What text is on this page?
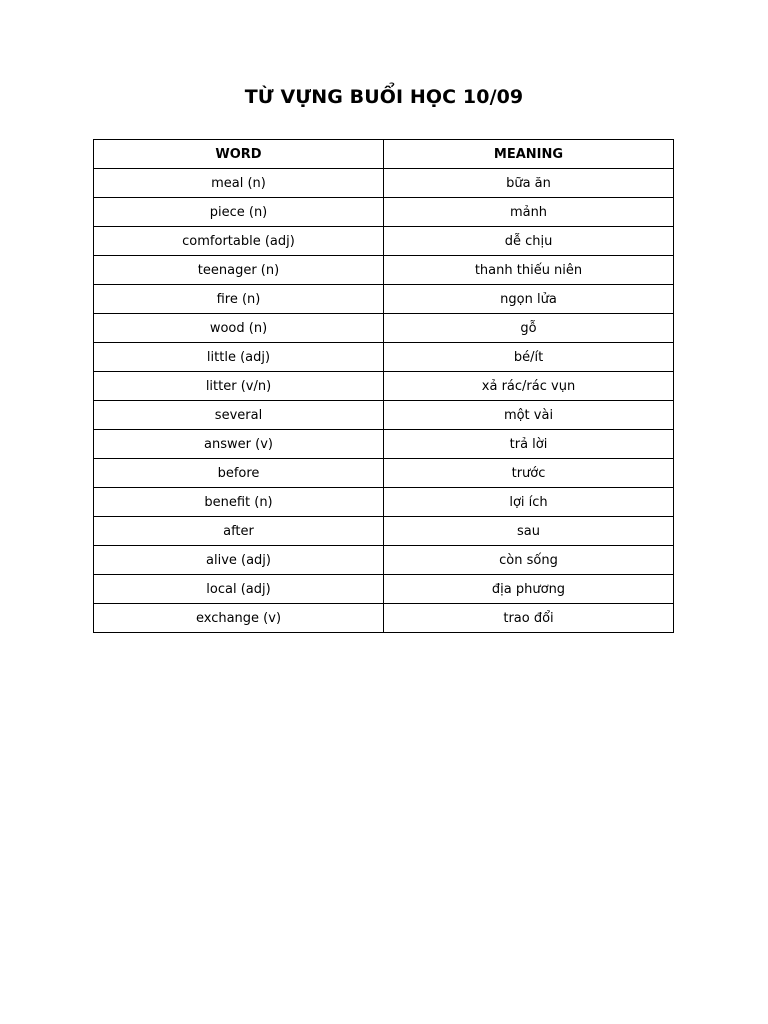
TỪ VỰNG BUỔI HỌC 10/09
WORD	MEANING
meal (n)	bữa ăn
piece (n)	mảnh
comfortable (adj)	dễ chịu
teenager (n)	thanh thiếu niên
fire (n)	ngọn lửa
wood (n)	gỗ
little (adj)	bé/ít
litter (v/n)	xả rác/rác vụn
several	một vài
answer (v)	trả lời
before	trước
benefit (n)	lợi ích
after	sau
alive (adj)	còn sống
local (adj)	địa phương
exchange (v)	trao đổi
